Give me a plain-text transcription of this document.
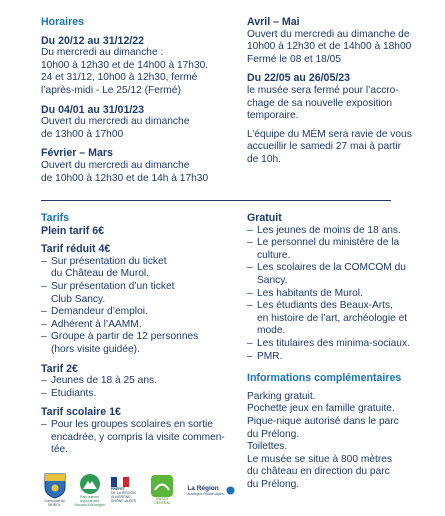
Horaires
Du 20/12 au 31/12/22
Du mercredi au dimanche :
10h00 à 12h30 et de 14h00 à 17h30.
24 et 31/12, 10h00 à 12h30, fermé
l’après-midi - Le 25/12 (Fermé)
Du 04/01 au 31/01/23
Ouvert du mercredi au dimanche
de 13h00 à 17h00
Février – Mars
Ouvert du mercredi au dimanche
de 10h00 à 12h30 et de 14h à 17h30
Avril – Mai
Ouvert du mercredi au dimanche de
10h00 à 12h30 et de 14h00 à 18h00
Fermé le 08 et 18/05
Du 22/05 au 26/05/23
le musée sera fermé pour l’accro-
chage de sa nouvelle exposition
temporaire.
L’équipe du MÉM sera ravie de vous
accueillir le samedi 27 mai à partir
de 10h.
Tarifs
Plein tarif 6€
Tarif réduit 4€
– Sur présentation du ticket
du Château de Murol.
– Sur présentation d’un ticket
Club Sancy.
– Demandeur d’emploi.
– Adhérent à l’AAMM.
– Groupe à partir de 12 personnes
(hors visite guidée).
Tarif 2€
– Jeunes de 18 à 25 ans.
– Etudiants.
Tarif scolaire 1€
– Pour les groupes scolaires en sortie
encadrée, y compris la visite commen-
tée.
Gratuit
– Les jeunes de moins de 18 ans.
– Le personnel du ministère de la
culture.
– Les scolaires de la COMCOM du
Sancy.
– Les habitants de Murol.
– Les étudiants des Beaux-Arts,
en histoire de l’art, archéologie et
mode.
– Les titulaires des minima-sociaux.
– PMR.
Informations complémentaires
Parking gratuit.
Pochette jeux en famille gratuite.
Pique-nique autorisé dans le parc
du Prélong.
Toilettes.
Le musée se situe à 800 mètres
du château en direction du parc
du Prélong.
Commune de MUROL
Parc naturel régional des Volcans d’Auvergne
PRÉFET
DE LA RÉGION
AUVERGNE-
RHÔNE-ALPES	MASSIF CENTRAL
La Région
Auvergne-Rhône-Alpes
